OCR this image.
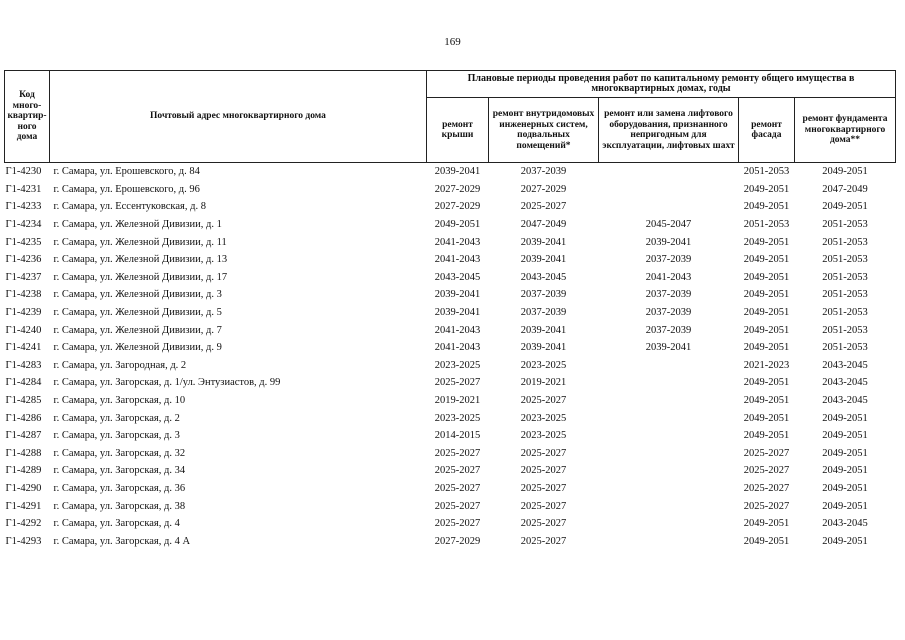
169
Код много-квартир-ного дома	Почтовый адрес многоквартирного дома	Плановые периоды проведения работ по капитальному ремонту общего имущества в многоквартирных домах, годы				
		ремонт крыши	ремонт внутридомовых инженерных систем, подвальных помещений*	ремонт или замена лифтового оборудования, признанного непригодным для эксплуатации, лифтовых шахт	ремонт фасада	ремонт фундамента многоквартирного дома**
Г1-4230	г. Самара, ул. Ерошевского, д. 84	2039-2041	2037-2039		2051-2053	2049-2051
Г1-4231	г. Самара, ул. Ерошевского, д. 96	2027-2029	2027-2029		2049-2051	2047-2049
Г1-4233	г. Самара, ул. Ессентуковская, д. 8	2027-2029	2025-2027		2049-2051	2049-2051
Г1-4234	г. Самара, ул. Железной Дивизии, д. 1	2049-2051	2047-2049	2045-2047	2051-2053	2051-2053
Г1-4235	г. Самара, ул. Железной Дивизии, д. 11	2041-2043	2039-2041	2039-2041	2049-2051	2051-2053
Г1-4236	г. Самара, ул. Железной Дивизии, д. 13	2041-2043	2039-2041	2037-2039	2049-2051	2051-2053
Г1-4237	г. Самара, ул. Железной Дивизии, д. 17	2043-2045	2043-2045	2041-2043	2049-2051	2051-2053
Г1-4238	г. Самара, ул. Железной Дивизии, д. 3	2039-2041	2037-2039	2037-2039	2049-2051	2051-2053
Г1-4239	г. Самара, ул. Железной Дивизии, д. 5	2039-2041	2037-2039	2037-2039	2049-2051	2051-2053
Г1-4240	г. Самара, ул. Железной Дивизии, д. 7	2041-2043	2039-2041	2037-2039	2049-2051	2051-2053
Г1-4241	г. Самара, ул. Железной Дивизии, д. 9	2041-2043	2039-2041	2039-2041	2049-2051	2051-2053
Г1-4283	г. Самара, ул. Загородная, д. 2	2023-2025	2023-2025		2021-2023	2043-2045
Г1-4284	г. Самара, ул. Загорская, д. 1/ул. Энтузиастов, д. 99	2025-2027	2019-2021		2049-2051	2043-2045
Г1-4285	г. Самара, ул. Загорская, д. 10	2019-2021	2025-2027		2049-2051	2043-2045
Г1-4286	г. Самара, ул. Загорская, д. 2	2023-2025	2023-2025		2049-2051	2049-2051
Г1-4287	г. Самара, ул. Загорская, д. 3	2014-2015	2023-2025		2049-2051	2049-2051
Г1-4288	г. Самара, ул. Загорская, д. 32	2025-2027	2025-2027		2025-2027	2049-2051
Г1-4289	г. Самара, ул. Загорская, д. 34	2025-2027	2025-2027		2025-2027	2049-2051
Г1-4290	г. Самара, ул. Загорская, д. 36	2025-2027	2025-2027		2025-2027	2049-2051
Г1-4291	г. Самара, ул. Загорская, д. 38	2025-2027	2025-2027		2025-2027	2049-2051
Г1-4292	г. Самара, ул. Загорская, д. 4	2025-2027	2025-2027		2049-2051	2043-2045
Г1-4293	г. Самара, ул. Загорская, д. 4 А	2027-2029	2025-2027		2049-2051	2049-2051
